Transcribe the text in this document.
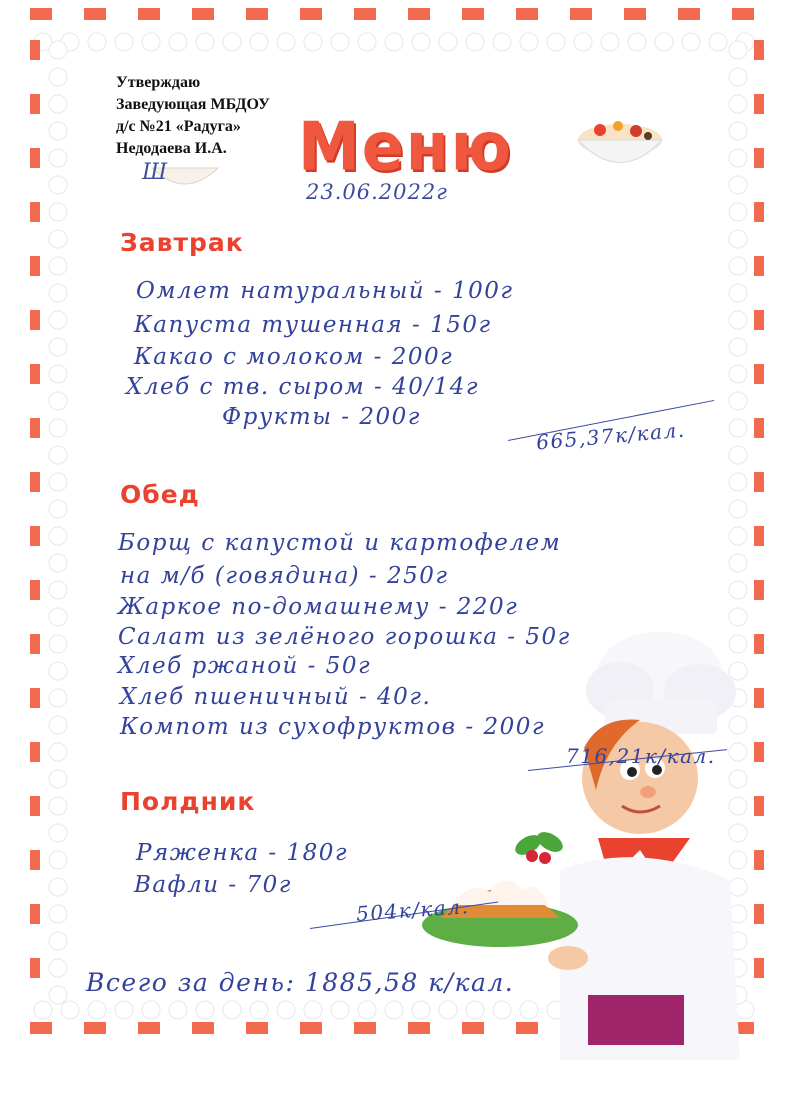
Утверждаю
Заведующая МБДОУ
д/с №21 «Радуга»
Недодаева И.А.
Ш Меню
23.06.2022г
Завтрак
Омлет натуральный - 100г
Капуста тушенная - 150г
Какао с молоком - 200г
Хлеб с тв. сыром - 40/14г
Фрукты - 200г
665,37к/кал.
Обед
Борщ с капустой и картофелем
на м/б (говядина) - 250г
Жаркое по-домашнему - 220г
Салат из зелёного горошка - 50г
Хлеб ржаной - 50г
Хлеб пшеничный - 40г.
Компот из сухофруктов - 200г
716,21к/кал.
Полдник
Ряженка - 180г
Вафли - 70г
504к/кал.
Всего за день: 1885,58 к/кал.
